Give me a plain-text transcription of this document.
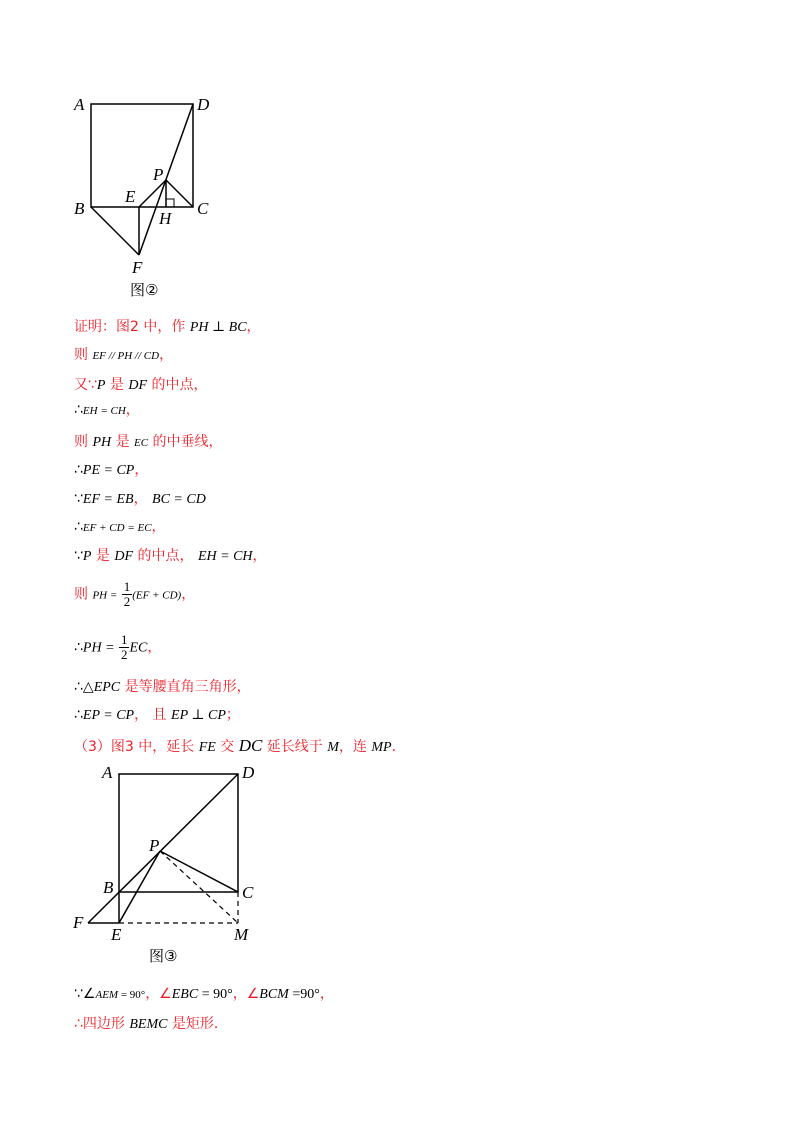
A	D
P
E
B	C
H
F
图②
证明：图2 中，作 PH ⊥ BC，
则 EF // PH // CD，
又∵P 是 DF 的中点，
∴EH = CH，
则 PH 是 EC 的中垂线，
∴PE = CP，
∵EF = EB， BC = CD
∴EF + CD = EC，
∵P 是 DF 的中点， EH = CH，
则 PH = $\frac{1}{2} (EF + CD)$，
∴PH = $\frac{1}{2}$ EC，
∴△EPC 是等腰直角三角形，
∴EP = CP， 且 EP ⊥ CP；
（3）图3 中，延长 FE 交 DC 延长线于 M，连 MP．
A	D
P
B	C
F
E	M
图③
∵∠AEM = 90°，∠EBC = 90°，∠BCM =90°，
∴四边形 BEMC 是矩形．
